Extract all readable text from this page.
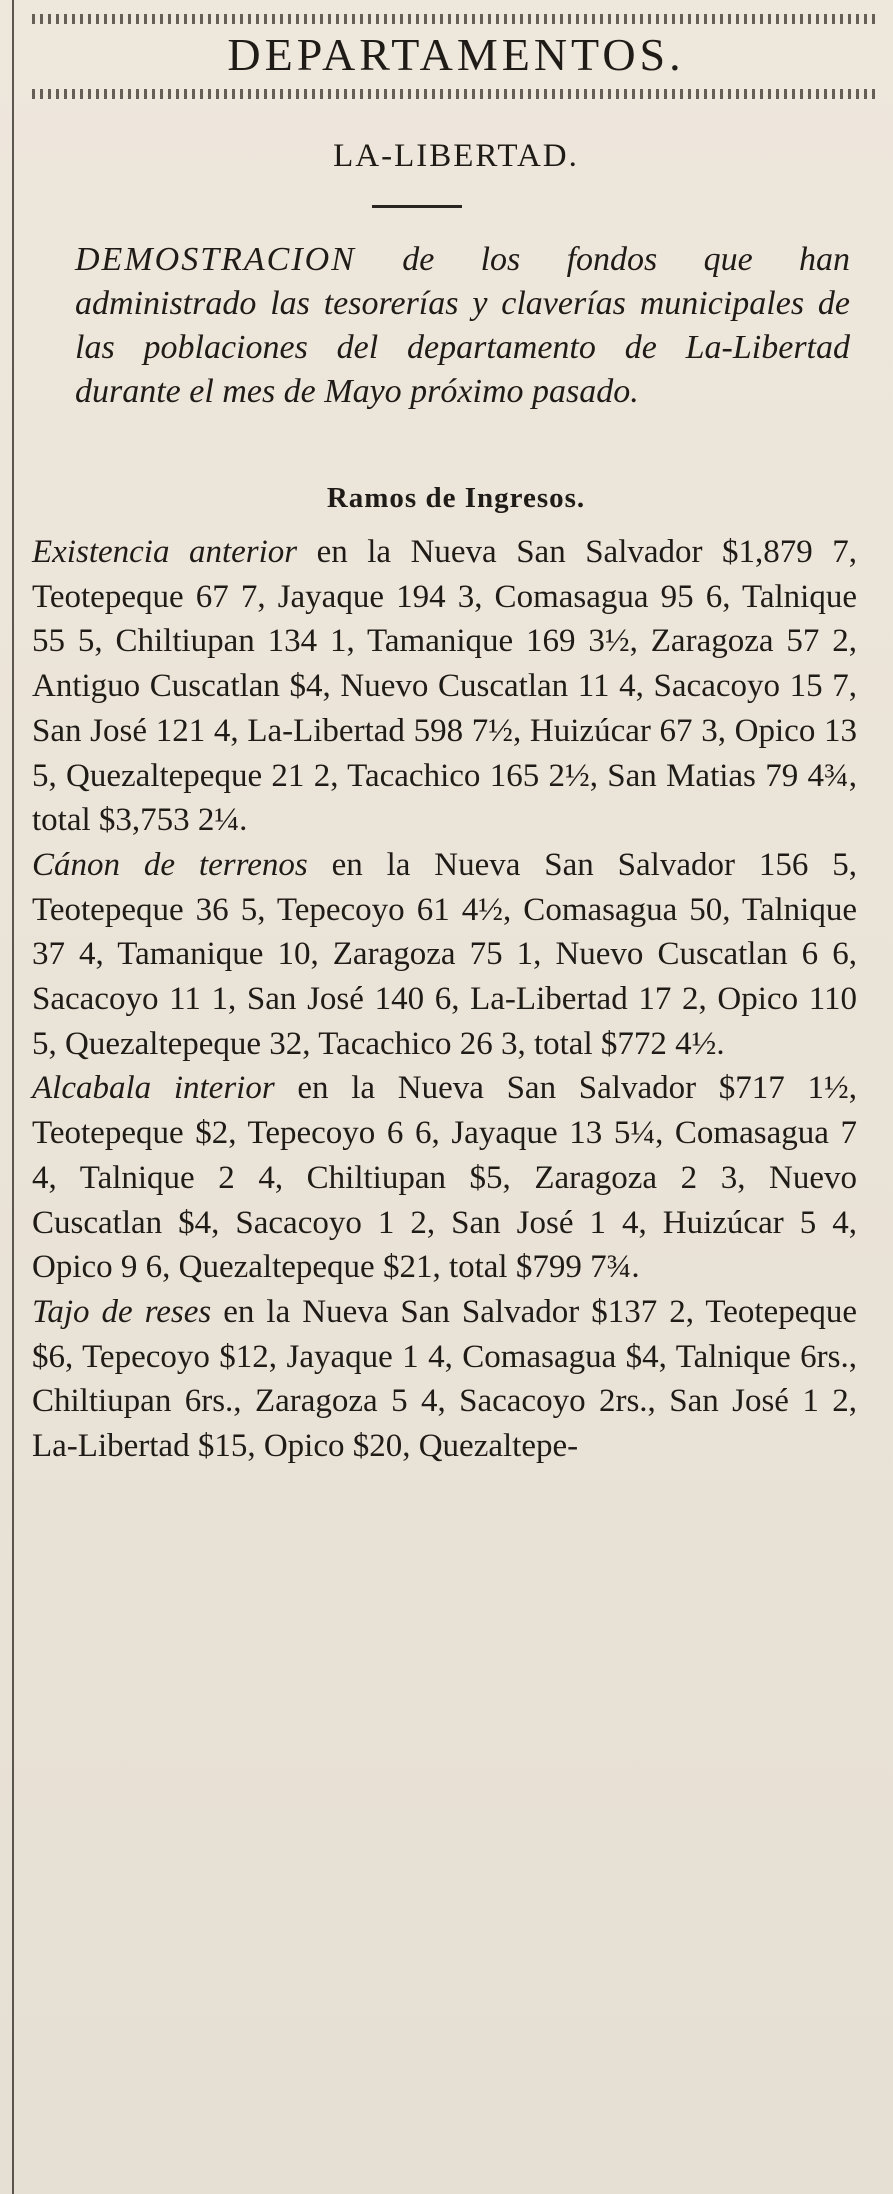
DEPARTAMENTOS.
LA-LIBERTAD.
DEMOSTRACION de los fondos que han administrado las tesorerías y claverías municipales de las poblaciones del departamento de La-Libertad durante el mes de Mayo próximo pasado.
Ramos de Ingresos.

Existencia anterior en la Nueva San Salvador $1,879 7, Teotepeque 67 7, Jayaque 194 3, Comasagua 95 6, Talnique 55 5, Chiltiupan 134 1, Tamanique 169 3½, Zaragoza 57 2, Antiguo Cuscatlan $4, Nuevo Cuscatlan 11 4, Sacacoyo 15 7, San José 121 4, La-Libertad 598 7½, Huizúcar 67 3, Opico 13 5, Quezaltepeque 21 2, Tacachico 165 2½, San Matias 79 4¾, total $3,753 2¼.

Cánon de terrenos en la Nueva San Salvador 156 5, Teotepeque 36 5, Tepecoyo 61 4½, Comasagua 50, Talnique 37 4, Tamanique 10, Zaragoza 75 1, Nuevo Cuscatlan 6 6, Sacacoyo 11 1, San José 140 6, La-Libertad 17 2, Opico 110 5, Quezaltepeque 32, Tacachico 26 3, total $772 4½.

Alcabala interior en la Nueva San Salvador $717 1½, Teotepeque $2, Tepecoyo 6 6, Jayaque 13 5¼, Comasagua 7 4, Talnique 2 4, Chiltiupan $5, Zaragoza 2 3, Nuevo Cuscatlan $4, Sacacoyo 1 2, San José 1 4, Huizúcar 5 4, Opico 9 6, Quezaltepeque $21, total $799 7¾.

Tajo de reses en la Nueva San Salvador $137 2, Teotepeque $6, Tepecoyo $12, Jayaque 1 4, Comasagua $4, Talnique 6rs., Chiltiupan 6rs., Zaragoza 5 4, Sacacoyo 2rs., San José 1 2, La-Libertad $15, Opico $20, Quezaltepe-
